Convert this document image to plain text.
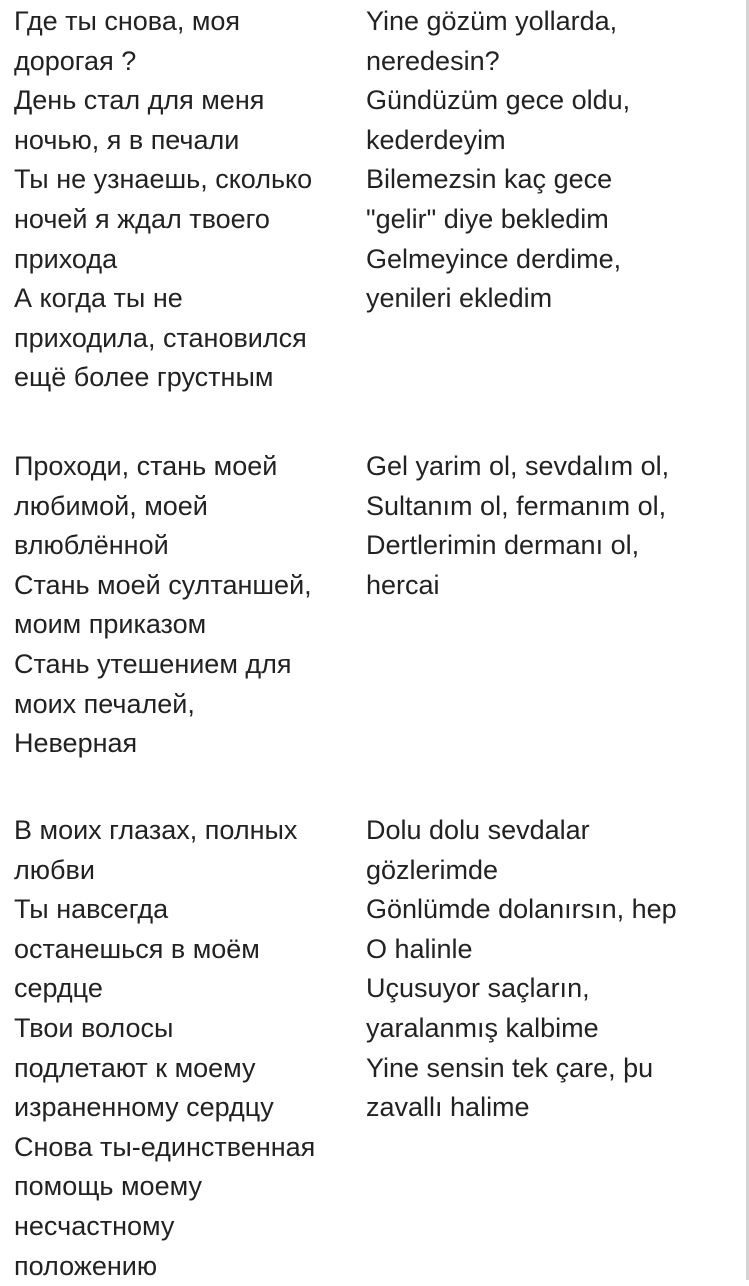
Где ты снова, моя
дорогая ?
День стал для меня
ночью, я в печали
Ты не узнаешь, сколько
ночей я ждал твоего
прихода
А когда ты не
приходила, становился
ещё более грустным
Yine gözüm yollarda,
neredesin?
Gündüzüm gece oldu,
kederdeyim
Bilemezsin kaç gece
"gelir" diye bekledim
Gelmeyince derdime,
yenileri ekledim
Проходи, стань моей
любимой, моей
влюблённой
Стань моей султаншей,
моим приказом
Стань утешением для
моих печалей,
Неверная
Gel yarim ol, sevdalım ol,
Sultanım ol, fermanım ol,
Dertlerimin dermanı ol,
hercai
В моих глазах, полных
любви
Ты навсегда
останешься в моём
сердце
Твои волосы
подлетают к моему
израненному сердцу
Снова ты-единственная
помощь моему
несчастному
положению
Dolu dolu sevdalar
gözlerimde
Gönlümde dolanırsın, hep
O halinle
Uçusuyor saçların,
yaralanmış kalbime
Yine sensin tek çare, þu
zavallı halime
